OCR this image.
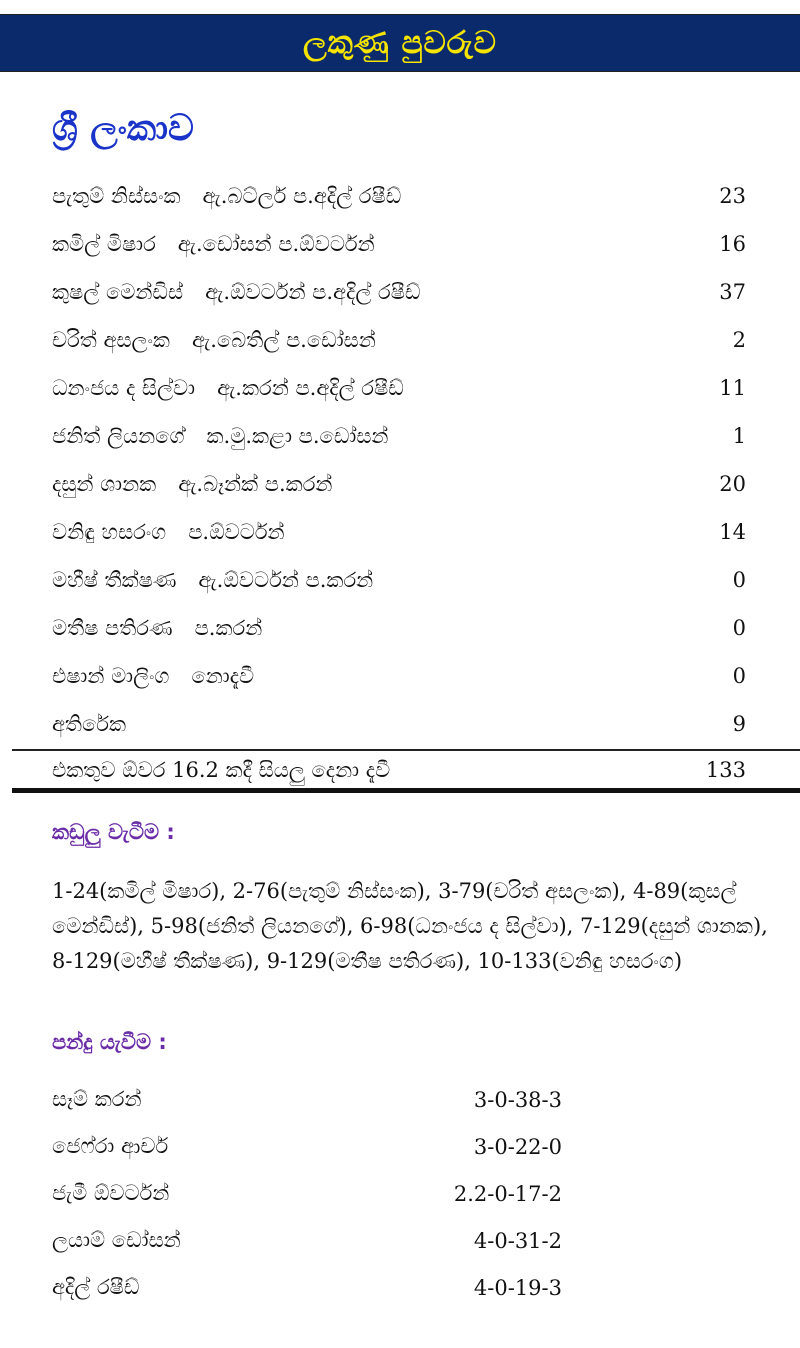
ලකුණු පුවරුව
ශ්‍රී ලංකාව
පැතුම් නිස්සංක ඇ.බට්ලර් ප.අදිල් රෂීඩ්	23
කමිල් මිෂාර ඇ.ඩෝසන් ප.ඕවර්ටන්	16
කුෂල් මෙන්ඩිස් ඇ.ඕවර්ටන් ප.අදිල් රෂීඩ්	37
චරිත් අසලංක ඇ.බෙතිල් ප.ඩෝසන්	2
ධනංජය ද සිල්වා ඇ.කරන් ප.අදිල් රෂීඩ්	11
ජනිත් ලියනගේ ක.මු.කළා ප.ඩෝසන්	1
දසුන් ශානක ඇ.බෑන්ක් ප.කරන්	20
වනිඳු හසරංග ප.ඕවර්ටන්	14
මහීෂ් තීක්ෂණ ඇ.ඕවර්ටන් ප.කරන්	0
මතීෂ පතිරණ ප.කරන්	0
එෂාන් මාලිංග නොදැවී	0
අතිරේක	9
එකතුව ඕවර 16.2 කදී සියලු දෙනා දැවී	133
කඩුලු වැටීම :
1-24(කමිල් මිෂාර), 2-76(පැතුම් නිස්සංක), 3-79(චරිත් අසලංක), 4-89(කුසල් මෙන්ඩිස්), 5-98(ජනිත් ලියනගේ), 6-98(ධනංජය ද සිල්වා), 7-129(දසුන් ශානක), 8-129(මහීෂ් තීක්ෂණ), 9-129(මතීෂ පතිරණ), 10-133(වනිඳු හසරංග)
පන්දු යැවීම :
සෑම් කරන්	3-0-38-3
ජෙෆ්රා ආචර්	3-0-22-0
ජැමී ඕවර්ටන්	2.2-0-17-2
ලයාම් ඩෝසන්	4-0-31-2
අදිල් රෂීඩ්	4-0-19-3
